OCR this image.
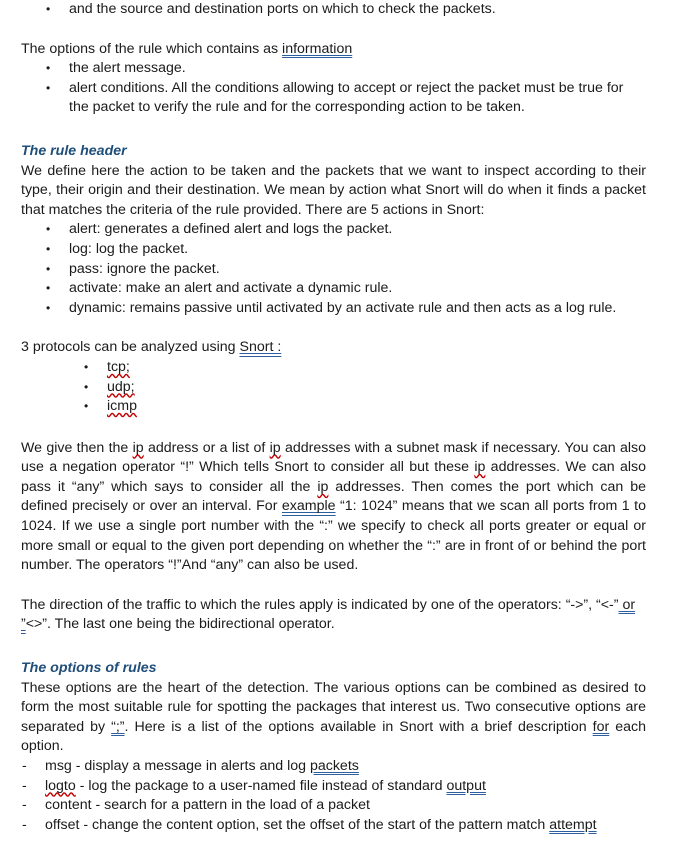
• and the source and destination ports on which to check the packets.

The options of the rule which contains as information

• the alert message.
• alert conditions. All the conditions allowing to accept or reject the packet must be true for the packet to verify the rule and for the corresponding action to be taken.

The rule header

We define here the action to be taken and the packets that we want to inspect according to their type, their origin and their destination. We mean by action what Snort will do when it finds a packet that matches the criteria of the rule provided. There are 5 actions in Snort:

• alert: generates a defined alert and logs the packet.
• log: log the packet.
• pass: ignore the packet.
• activate: make an alert and activate a dynamic rule.
• dynamic: remains passive until activated by an activate rule and then acts as a log rule.

3 protocols can be analyzed using Snort :

• tcp;
• udp;
• icmp

We give then the ip address or a list of ip addresses with a subnet mask if necessary. You can also use a negation operator “!” Which tells Snort to consider all but these ip addresses. We can also pass it “any” which says to consider all the ip addresses. Then comes the port which can be defined precisely or over an interval. For example “1: 1024” means that we scan all ports from 1 to 1024. If we use a single port number with the “:” we specify to check all ports greater or equal or more small or equal to the given port depending on whether the “:” are in front of or behind the port number. The operators “!”And “any” can also be used.

The direction of the traffic to which the rules apply is indicated by one of the operators: “->”, “<-” or ”<>”. The last one being the bidirectional operator.

The options of rules

These options are the heart of the detection. The various options can be combined as desired to form the most suitable rule for spotting the packages that interest us. Two consecutive options are separated by “;”. Here is a list of the options available in Snort with a brief description for each option.

- msg - display a message in alerts and log packets
- logto - log the package to a user-named file instead of standard output
- content - search for a pattern in the load of a packet
- offset - change the content option, set the offset of the start of the pattern match attempt
